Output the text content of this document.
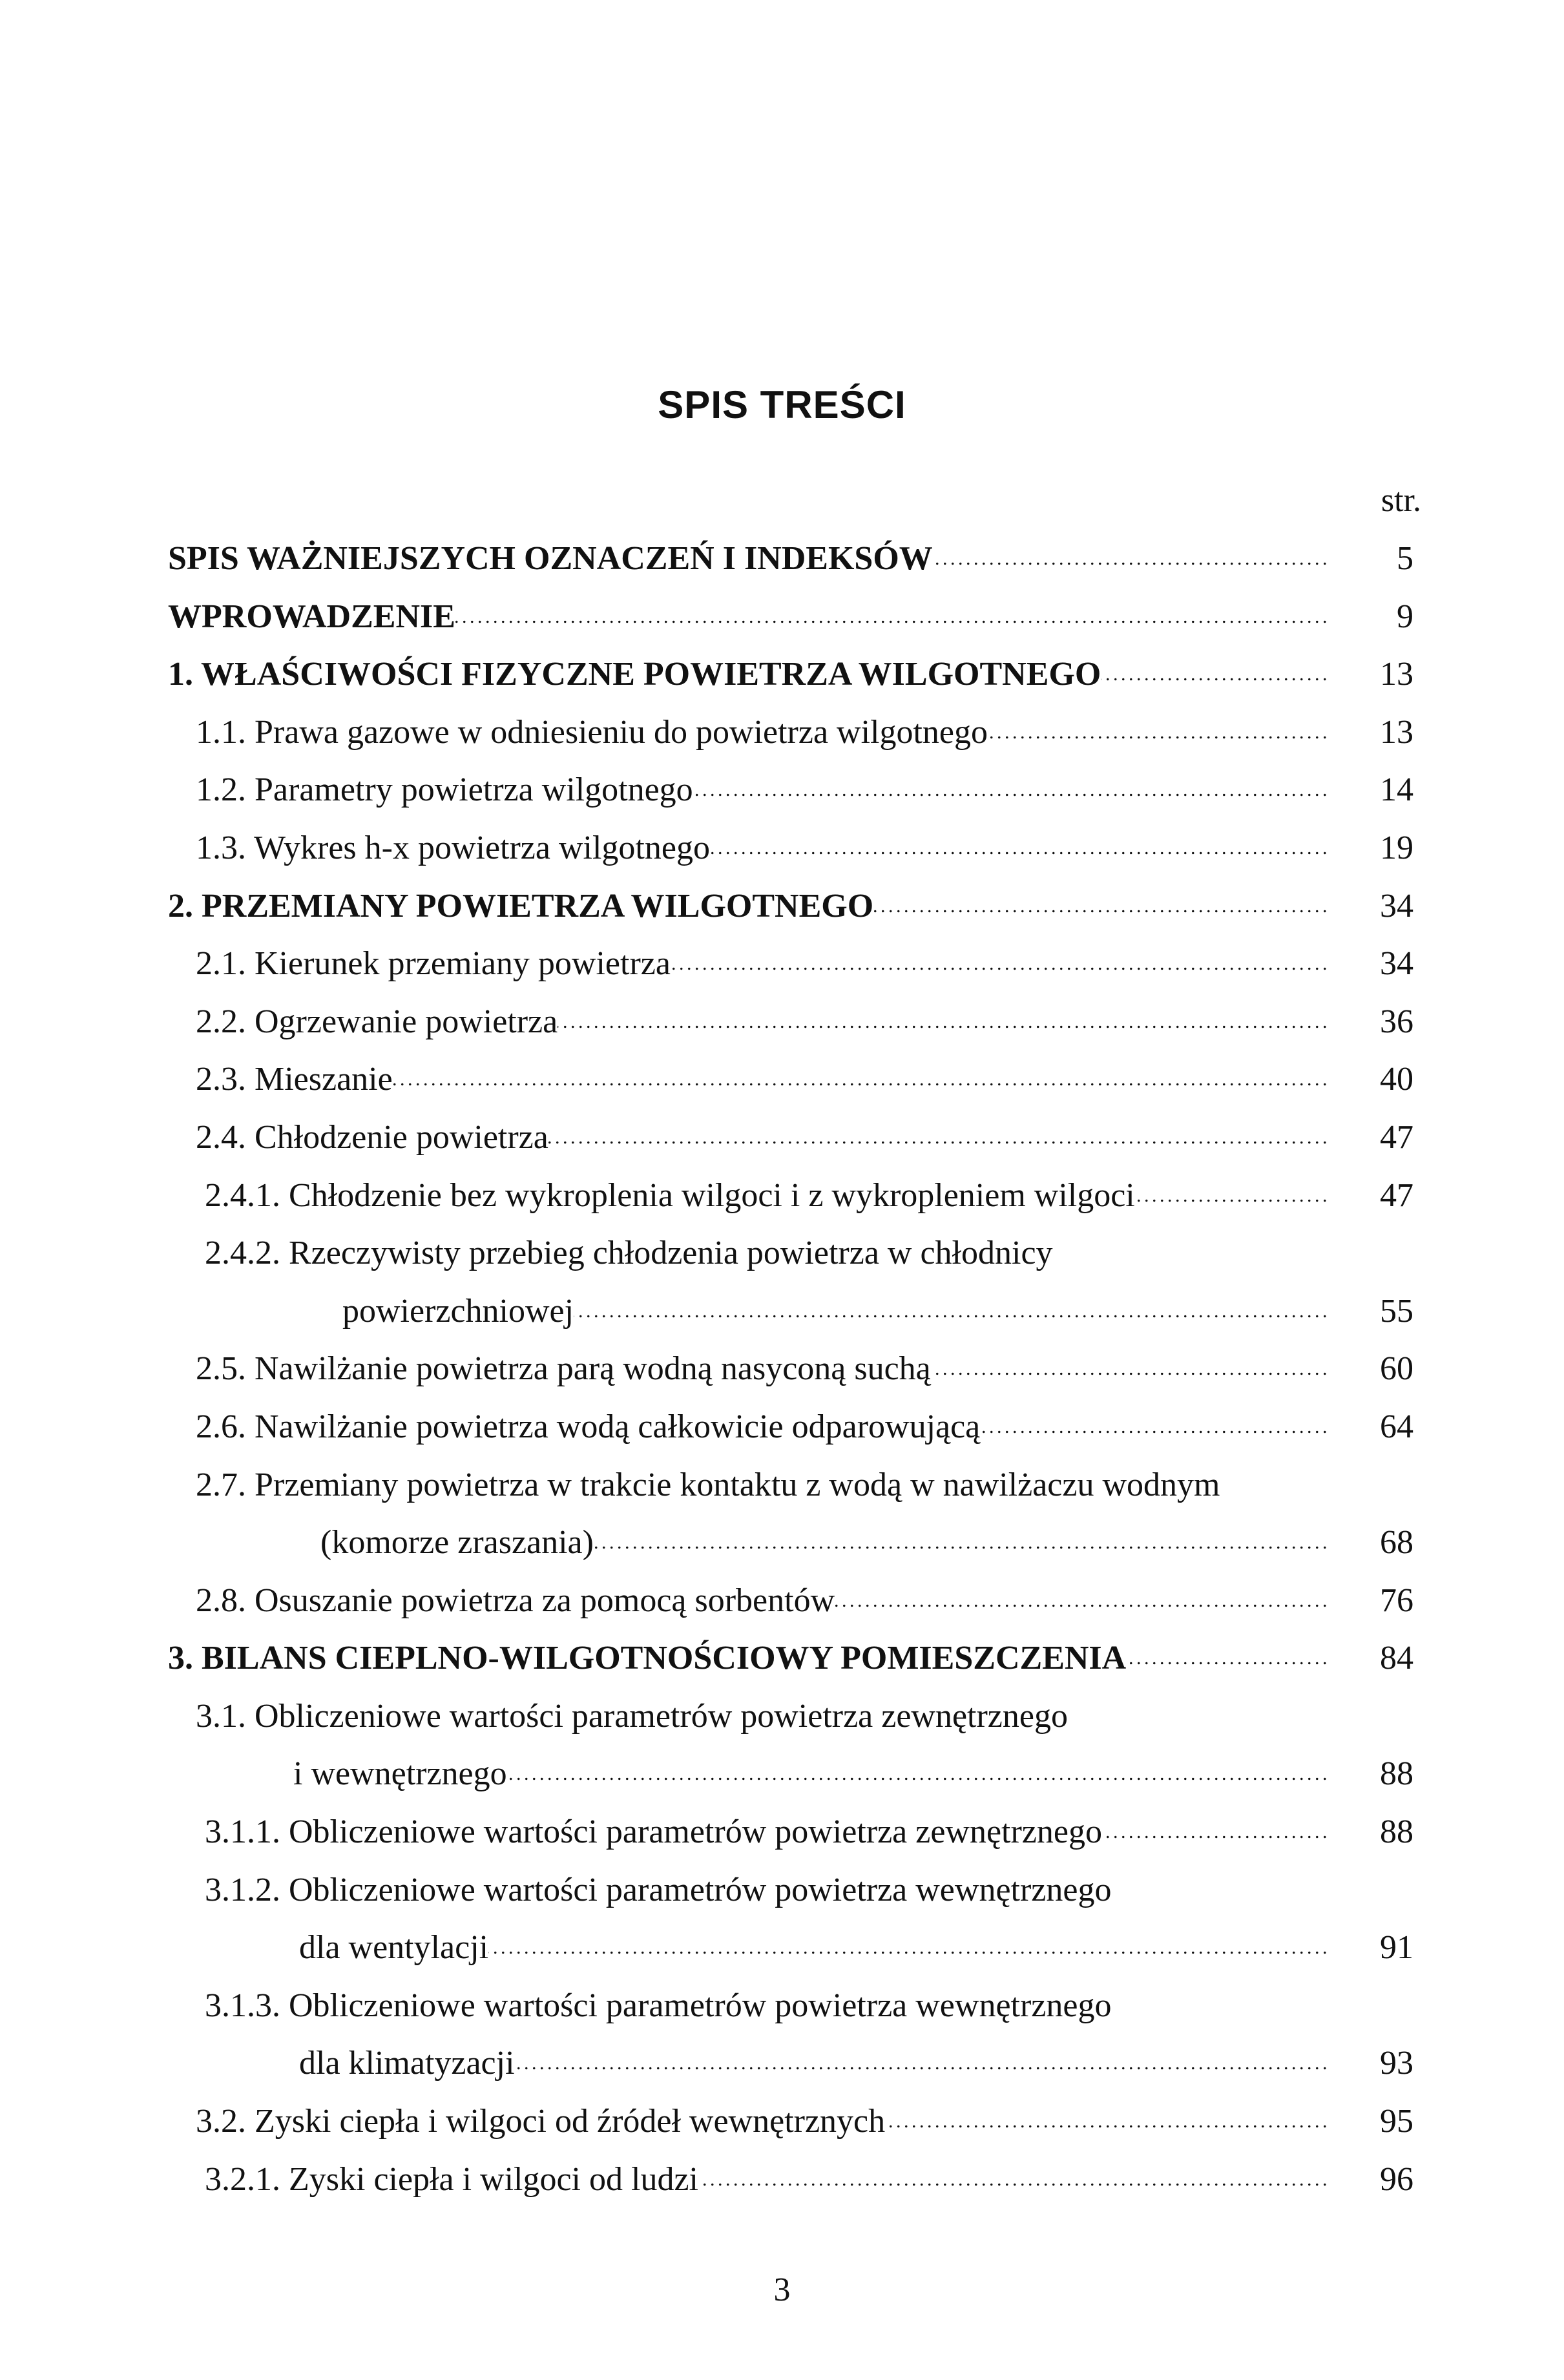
SPIS TREŚCI
str.
SPIS WAŻNIEJSZYCH OZNACZEŃ I INDEKSÓW . . .	5
WPROWADZENIE . . .	9
1. WŁAŚCIWOŚCI FIZYCZNE POWIETRZA WILGOTNEGO . . .	13
1.1. Prawa gazowe w odniesieniu do powietrza wilgotnego . . .	13
1.2. Parametry powietrza wilgotnego . . .	14
1.3. Wykres h-x powietrza wilgotnego . . .	19
2. PRZEMIANY POWIETRZA WILGOTNEGO . . .	34
2.1. Kierunek przemiany powietrza . . .	34
2.2. Ogrzewanie powietrza . . .	36
2.3. Mieszanie . . .	40
2.4. Chłodzenie powietrza . . .	47
2.4.1. Chłodzenie bez wykroplenia wilgoci i z wykropleniem wilgoci . . .	47
2.4.2. Rzeczywisty przebieg chłodzenia powietrza w chłodnicy
powierzchniowej . . .	55
2.5. Nawilżanie powietrza parą wodną nasyconą suchą . . .	60
2.6. Nawilżanie powietrza wodą całkowicie odparowującą . . .	64
2.7. Przemiany powietrza w trakcie kontaktu z wodą w nawilżaczu wodnym
(komorze zraszania) . . .	68
2.8. Osuszanie powietrza za pomocą sorbentów . . .	76
3. BILANS CIEPLNO-WILGOTNOŚCIOWY POMIESZCZENIA . . .	84
3.1. Obliczeniowe wartości parametrów powietrza zewnętrznego
i wewnętrznego . . .	88
3.1.1. Obliczeniowe wartości parametrów powietrza zewnętrznego . . .	88
3.1.2. Obliczeniowe wartości parametrów powietrza wewnętrznego
dla wentylacji . . .	91
3.1.3. Obliczeniowe wartości parametrów powietrza wewnętrznego
dla klimatyzacji . . .	93
3.2. Zyski ciepła i wilgoci od źródeł wewnętrznych . . .	95
3.2.1. Zyski ciepła i wilgoci od ludzi . . .	96
3
